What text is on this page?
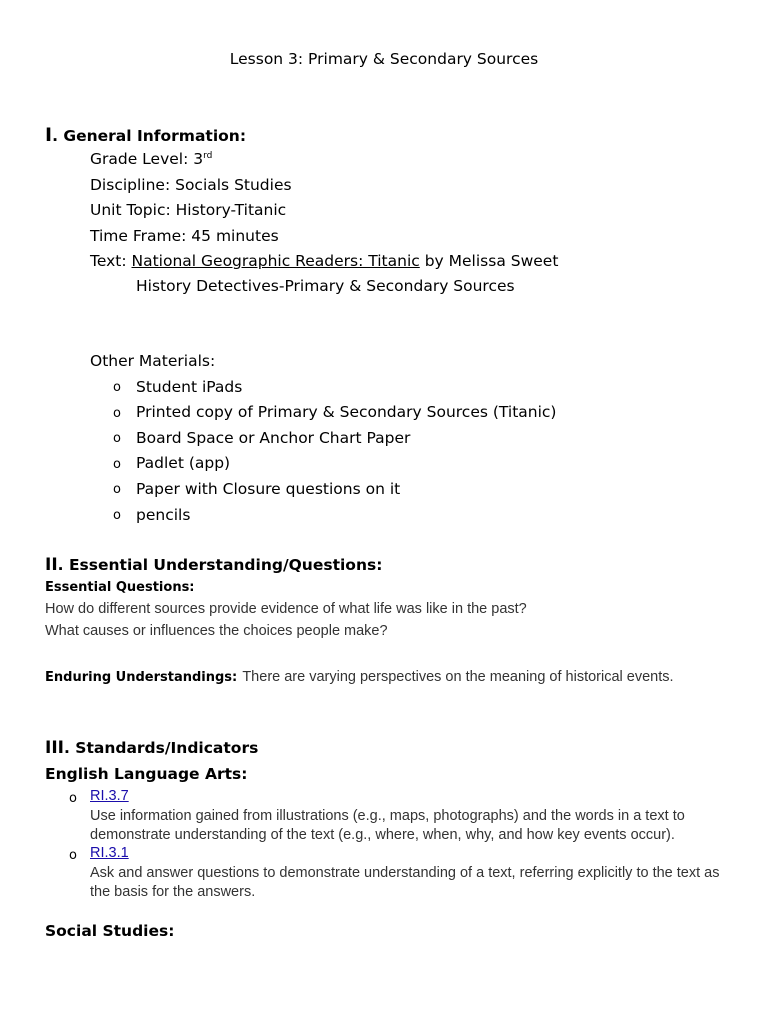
Lesson 3: Primary & Secondary Sources
I. General Information:
Grade Level: 3rd
Discipline: Socials Studies
Unit Topic: History-Titanic
Time Frame: 45 minutes
Text: National Geographic Readers: Titanic by Melissa Sweet
History Detectives-Primary & Secondary Sources
Other Materials:
o Student iPads
o Printed copy of Primary & Secondary Sources (Titanic)
o Board Space or Anchor Chart Paper
o Padlet (app)
o Paper with Closure questions on it
o pencils
II. Essential Understanding/Questions:
Essential Questions:
How do different sources provide evidence of what life was like in the past?
What causes or influences the choices people make?
Enduring Understandings: There are varying perspectives on the meaning of historical events.
III. Standards/Indicators
English Language Arts:
o RI.3.7
Use information gained from illustrations (e.g., maps, photographs) and the words in a text to demonstrate understanding of the text (e.g., where, when, why, and how key events occur).
o RI.3.1
Ask and answer questions to demonstrate understanding of a text, referring explicitly to the text as the basis for the answers.
Social Studies:
